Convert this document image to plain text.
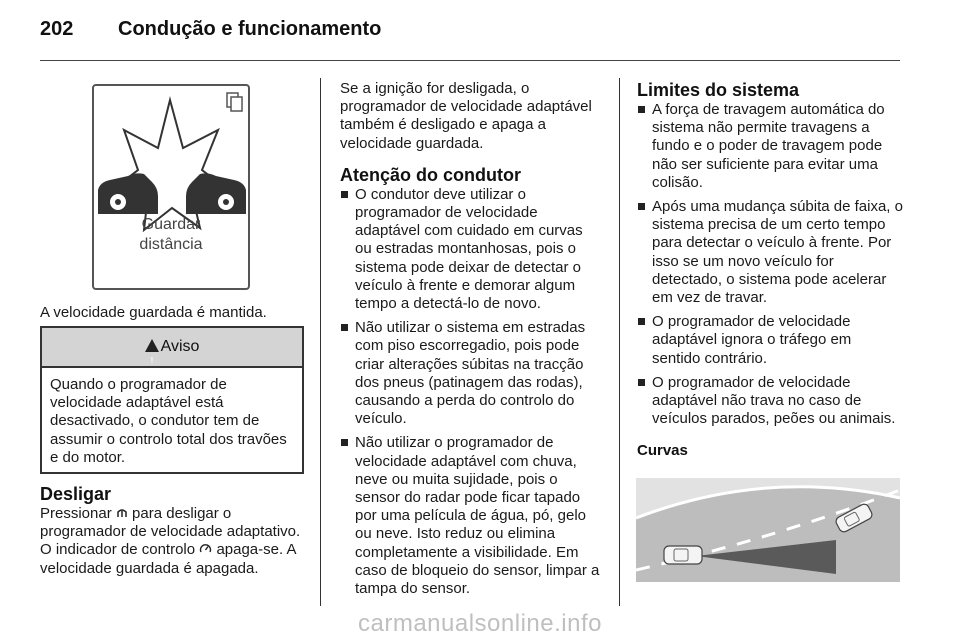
202 Condução e funcionamento
Guardar
distância

A velocidade guardada é mantida.

!
Aviso
Quando o programador de velocidade adaptável está desactivado, o condutor tem de assumir o controlo total dos travões e do motor.
Desligar

Pressionar para desligar o programador de velocidade adaptativo. O indicador de controlo apaga-se. A velocidade guardada é apagada.

Se a ignição for desligada, o programador de velocidade adaptável também é desligado e apaga a velocidade guardada.

Atenção do condutor
O condutor deve utilizar o programador de velocidade adaptável com cuidado em curvas ou estradas montanhosas, pois o sistema pode deixar de detectar o veículo à frente e demorar algum tempo a detectá-lo de novo.
Não utilizar o sistema em estradas com piso escorregadio, pois pode criar alterações súbitas na tracção dos pneus (patinagem das rodas), causando a perda do controlo do veículo.
Não utilizar o programador de velocidade adaptável com chuva, neve ou muita sujidade, pois o sensor do radar pode ficar tapado por uma película de água, pó, gelo ou neve. Isto reduz ou elimina completamente a visibilidade. Em caso de bloqueio do sensor, limpar a tampa do sensor.
Limites do sistema
A força de travagem automática do sistema não permite travagens a fundo e o poder de travagem pode não ser suficiente para evitar uma colisão.
Após uma mudança súbita de faixa, o sistema precisa de um certo tempo para detectar o veículo à frente. Por isso se um novo veículo for detectado, o sistema pode acelerar em vez de travar.
O programador de velocidade adaptável ignora o tráfego em sentido contrário.
O programador de velocidade adaptável não trava no caso de veículos parados, peões ou animais.
Curvas
carmanualsonline.info
